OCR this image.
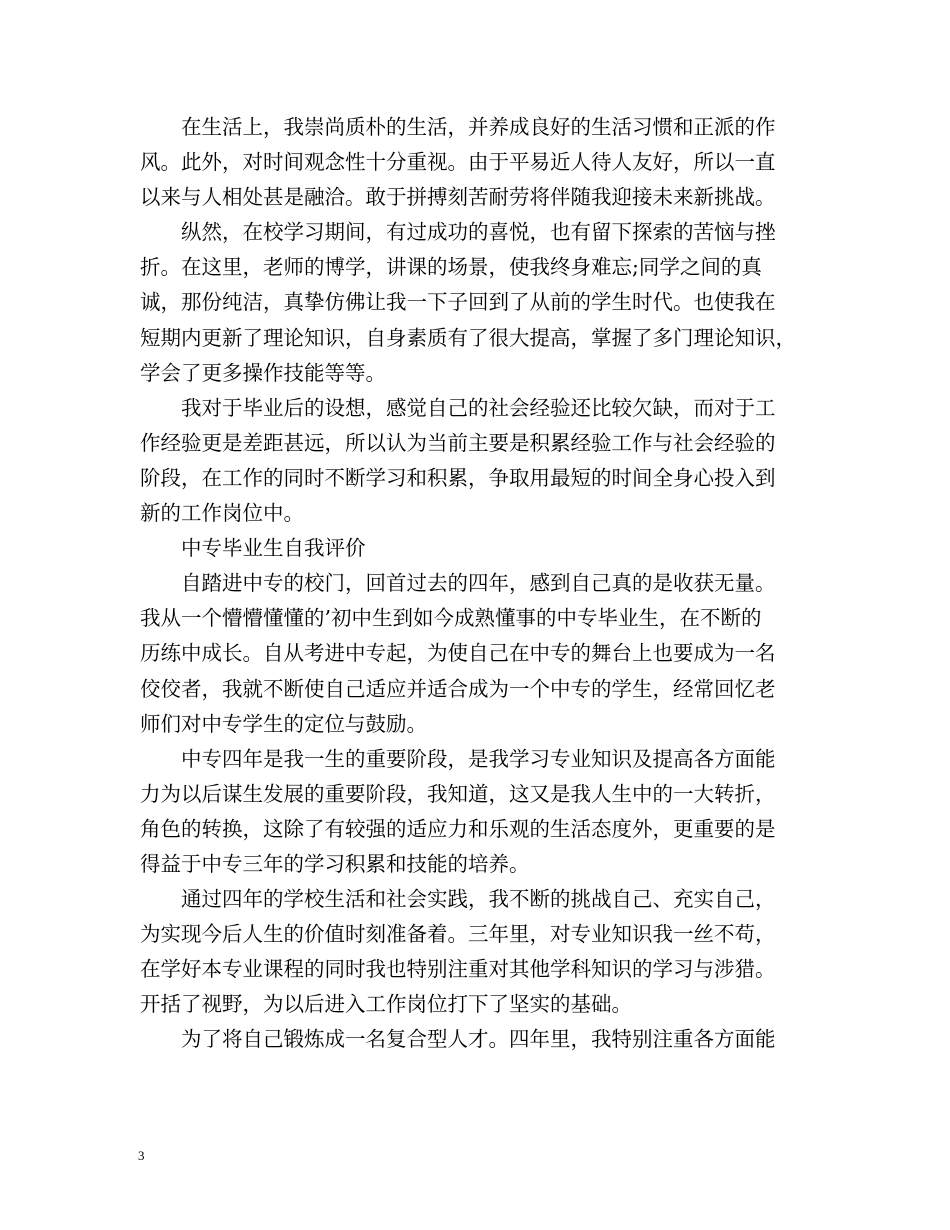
在生活上，我崇尚质朴的生活，并养成良好的生活习惯和正派的作
风。此外，对时间观念性十分重视。由于平易近人待人友好，所以一直
以来与人相处甚是融洽。敢于拼搏刻苦耐劳将伴随我迎接未来新挑战。
纵然，在校学习期间，有过成功的喜悦，也有留下探索的苦恼与挫
折。在这里，老师的博学，讲课的场景，使我终身难忘;同学之间的真
诚，那份纯洁，真挚仿佛让我一下子回到了从前的学生时代。也使我在
短期内更新了理论知识，自身素质有了很大提高，掌握了多门理论知识，
学会了更多操作技能等等。
我对于毕业后的设想，感觉自己的社会经验还比较欠缺，而对于工
作经验更是差距甚远，所以认为当前主要是积累经验工作与社会经验的
阶段，在工作的同时不断学习和积累，争取用最短的时间全身心投入到
新的工作岗位中。
中专毕业生自我评价
自踏进中专的校门，回首过去的四年，感到自己真的是收获无量。
我从一个懵懵懂懂的’初中生到如今成熟懂事的中专毕业生，在不断的
历练中成长。自从考进中专起，为使自己在中专的舞台上也要成为一名
佼佼者，我就不断使自己适应并适合成为一个中专的学生，经常回忆老
师们对中专学生的定位与鼓励。
中专四年是我一生的重要阶段，是我学习专业知识及提高各方面能
力为以后谋生发展的重要阶段，我知道，这又是我人生中的一大转折，
角色的转换，这除了有较强的适应力和乐观的生活态度外，更重要的是
得益于中专三年的学习积累和技能的培养。
通过四年的学校生活和社会实践，我不断的挑战自己、充实自己，
为实现今后人生的价值时刻准备着。三年里，对专业知识我一丝不苟，
在学好本专业课程的同时我也特别注重对其他学科知识的学习与涉猎。
开括了视野，为以后进入工作岗位打下了坚实的基础。
为了将自己锻炼成一名复合型人才。四年里，我特别注重各方面能
3
